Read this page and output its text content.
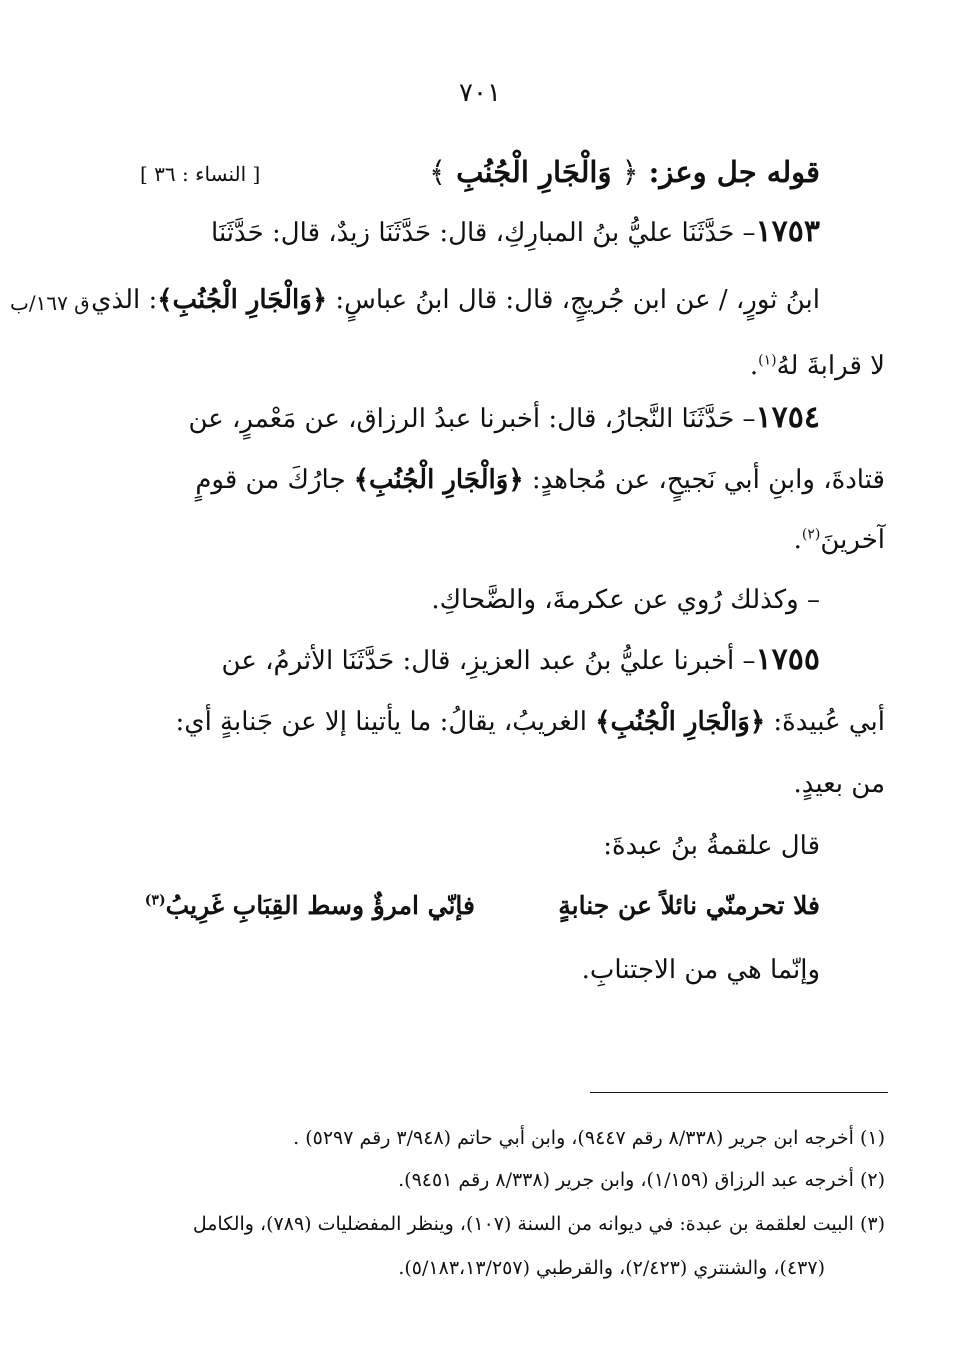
٧٠١
قوله جل وعز: ﴿ وَالْجَارِ الْجُنُبِ ﴾
[ النساء : ٣٦ ]
١٧٥٣– حَدَّثَنَا عليُّ بنُ المبارِكِ، قال: حَدَّثَنَا زيدٌ، قال: حَدَّثَنَا
ابنُ ثورٍ، / عن ابن جُريجٍ، قال: قال ابنُ عباسٍ: ﴿وَالْجَارِ الْجُنُبِ﴾: الذي
ق ١٦٧/ب
لا قرابةَ لهُ$^{(١)}$.
١٧٥٤– حَدَّثَنَا النَّجارُ، قال: أخبرنا عبدُ الرزاق، عن مَعْمرٍ، عن
قتادةَ، وابنِ أبي نَجيحٍ، عن مُجاهدٍ: ﴿وَالْجَارِ الْجُنُبِ﴾ جارُكَ من قومٍ
آخرينَ$^{(٢)}$.
– وكذلك رُوي عن عكرمةَ، والضَّحاكِ.
١٧٥٥– أخبرنا عليُّ بنُ عبد العزيزِ، قال: حَدَّثَنَا الأثرمُ، عن
أبي عُبيدةَ: ﴿وَالْجَارِ الْجُنُبِ﴾ الغريبُ، يقالُ: ما يأتينا إلا عن جَنابةٍ أي:
من بعيدٍ.
قال علقمةُ بنُ عبدةَ:
فلا تحرمنّي نائلاً عن جنابةٍ
فإنّي امرؤٌ وسط القِبَابِ غَرِيبُ$^{(٣)}$
وإنّما هي من الاجتنابِ.
(١) أخرجه ابن جرير (٨/٣٣٨ رقم ٩٤٤٧)، وابن أبي حاتم (٣/٩٤٨ رقم ٥٢٩٧) .
(٢) أخرجه عبد الرزاق (١/١٥٩)، وابن جرير (٨/٣٣٨ رقم ٩٤٥١).
(٣) البيت لعلقمة بن عبدة: في ديوانه من السنة (١٠٧)، وينظر المفضليات (٧٨٩)، والكامل
(٤٣٧)، والشنتري (٢/٤٢٣)، والقرطبي (٥/١٨٣،١٣/٢٥٧).
